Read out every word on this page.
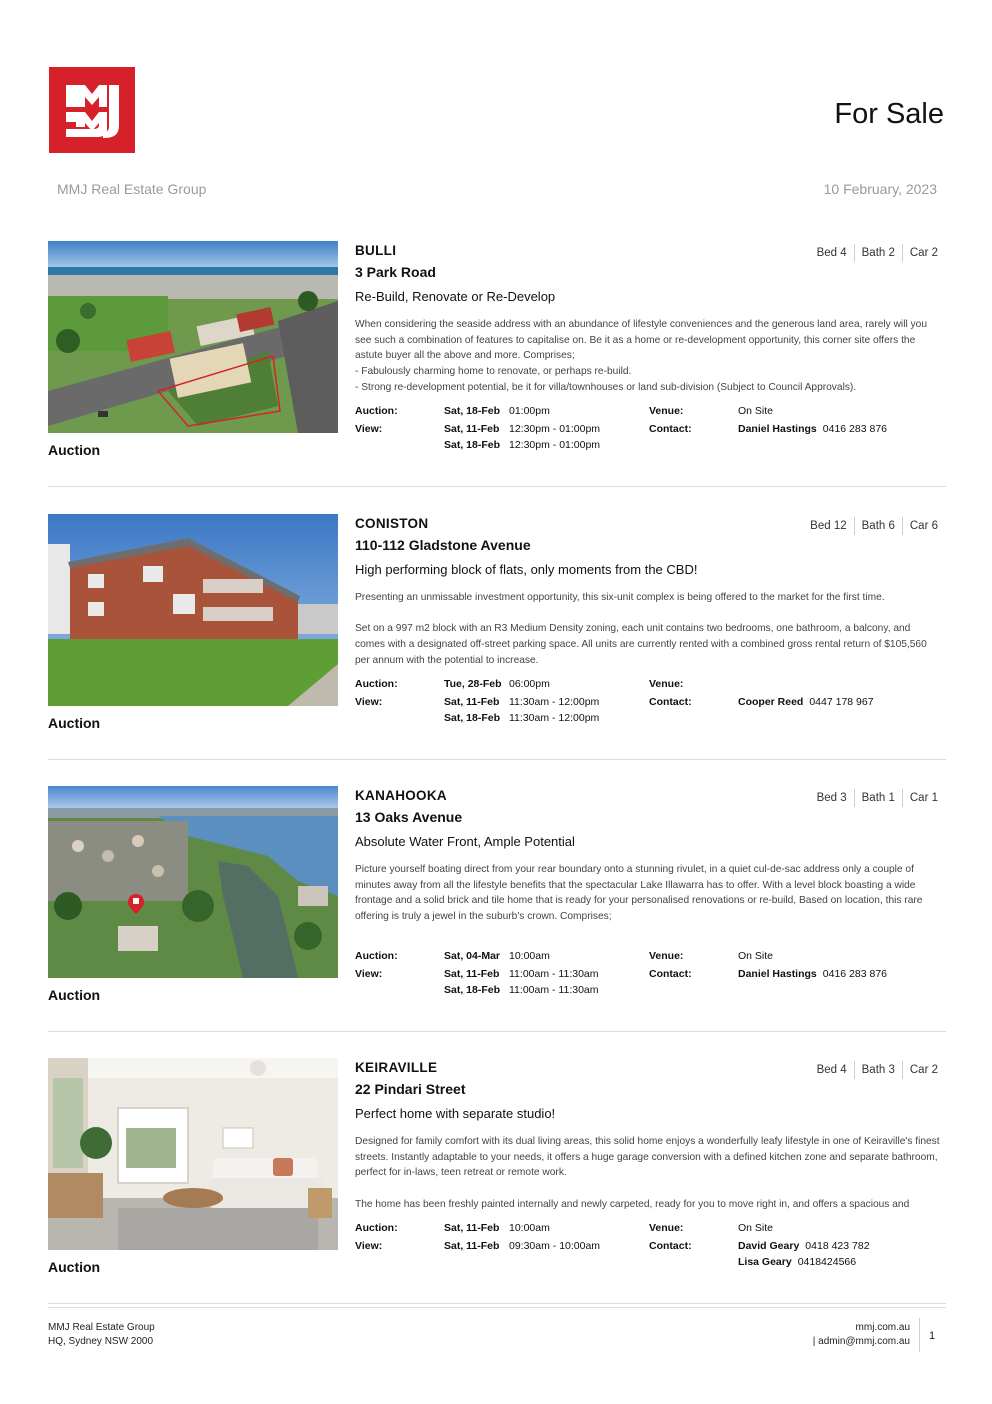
For Sale
MMJ Real Estate Group	10 February, 2023
Auction
BULLI	Bed 4	Bath 2	Car 2
3 Park Road
Re-Build, Renovate or Re-Develop
When considering the seaside address with an abundance of lifestyle conveniences and the generous land area, rarely will you see such a combination of features to capitalise on. Be it as a home or re-development opportunity, this corner site offers the astute buyer all the above and more. Comprises;
- Fabulously charming home to renovate, or perhaps re-build.
- Strong re-development potential, be it for villa/townhouses or land sub-division (Subject to Council Approvals).
Auction:	Sat, 18-Feb 01:00pm	Venue:	On Site
View:	Sat, 11-Feb 12:30pm - 01:00pm	Contact:	Daniel Hastings 0416 283 876
Sat, 18-Feb 12:30pm - 01:00pm
Auction
CONISTON	Bed 12	Bath 6	Car 6
110-112 Gladstone Avenue
High performing block of flats, only moments from the CBD!
Presenting an unmissable investment opportunity, this six-unit complex is being offered to the market for the first time.

Set on a 997 m2 block with an R3 Medium Density zoning, each unit contains two bedrooms, one bathroom, a balcony, and comes with a designated off-street parking space. All units are currently rented with a combined gross rental return of $105,560 per annum with the potential to increase.
Auction:	Tue, 28-Feb 06:00pm	Venue:
View:	Sat, 11-Feb 11:30am - 12:00pm	Contact:	Cooper Reed 0447 178 967
Sat, 18-Feb 11:30am - 12:00pm
Auction
KANAHOOKA	Bed 3	Bath 1	Car 1
13 Oaks Avenue
Absolute Water Front, Ample Potential
Picture yourself boating direct from your rear boundary onto a stunning rivulet, in a quiet cul-de-sac address only a couple of minutes away from all the lifestyle benefits that the spectacular Lake Illawarra has to offer. With a level block boasting a wide frontage and a solid brick and tile home that is ready for your personalised renovations or re-build, Based on location, this rare offering is truly a jewel in the suburb's crown. Comprises;
Auction:	Sat, 04-Mar 10:00am	Venue:	On Site
View:	Sat, 11-Feb 11:00am - 11:30am	Contact:	Daniel Hastings 0416 283 876
Sat, 18-Feb 11:00am - 11:30am
Auction
KEIRAVILLE	Bed 4	Bath 3	Car 2
22 Pindari Street
Perfect home with separate studio!
Designed for family comfort with its dual living areas, this solid home enjoys a wonderfully leafy lifestyle in one of Keiraville's finest streets. Instantly adaptable to your needs, it offers a huge garage conversion with a defined kitchen zone and separate bathroom, perfect for in-laws, teen retreat or remote work.

The home has been freshly painted internally and newly carpeted, ready for you to move right in, and offers a spacious and
Auction:	Sat, 11-Feb 10:00am	Venue:	On Site
View:	Sat, 11-Feb 09:30am - 10:00am	Contact:	David Geary 0418 423 782
Lisa Geary 0418424566
MMJ Real Estate Group
HQ, Sydney NSW 2000
mmj.com.au
| admin@mmj.com.au 1
